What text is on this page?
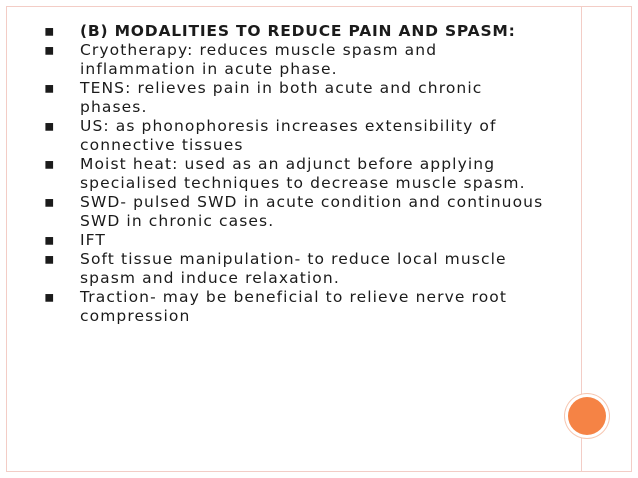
▪ (B) MODALITIES TO REDUCE PAIN AND SPASM:
▪ Cryotherapy: reduces muscle spasm and inflammation in acute phase.
▪ TENS: relieves pain in both acute and chronic phases.
▪ US: as phonophoresis increases extensibility of connective tissues
▪ Moist heat: used as an adjunct before applying specialised techniques to decrease muscle spasm.
▪ SWD- pulsed SWD in acute condition and continuous SWD in chronic cases.
▪ IFT
▪ Soft tissue manipulation- to reduce local muscle spasm and induce relaxation.
▪ Traction- may be beneficial to relieve nerve root compression
